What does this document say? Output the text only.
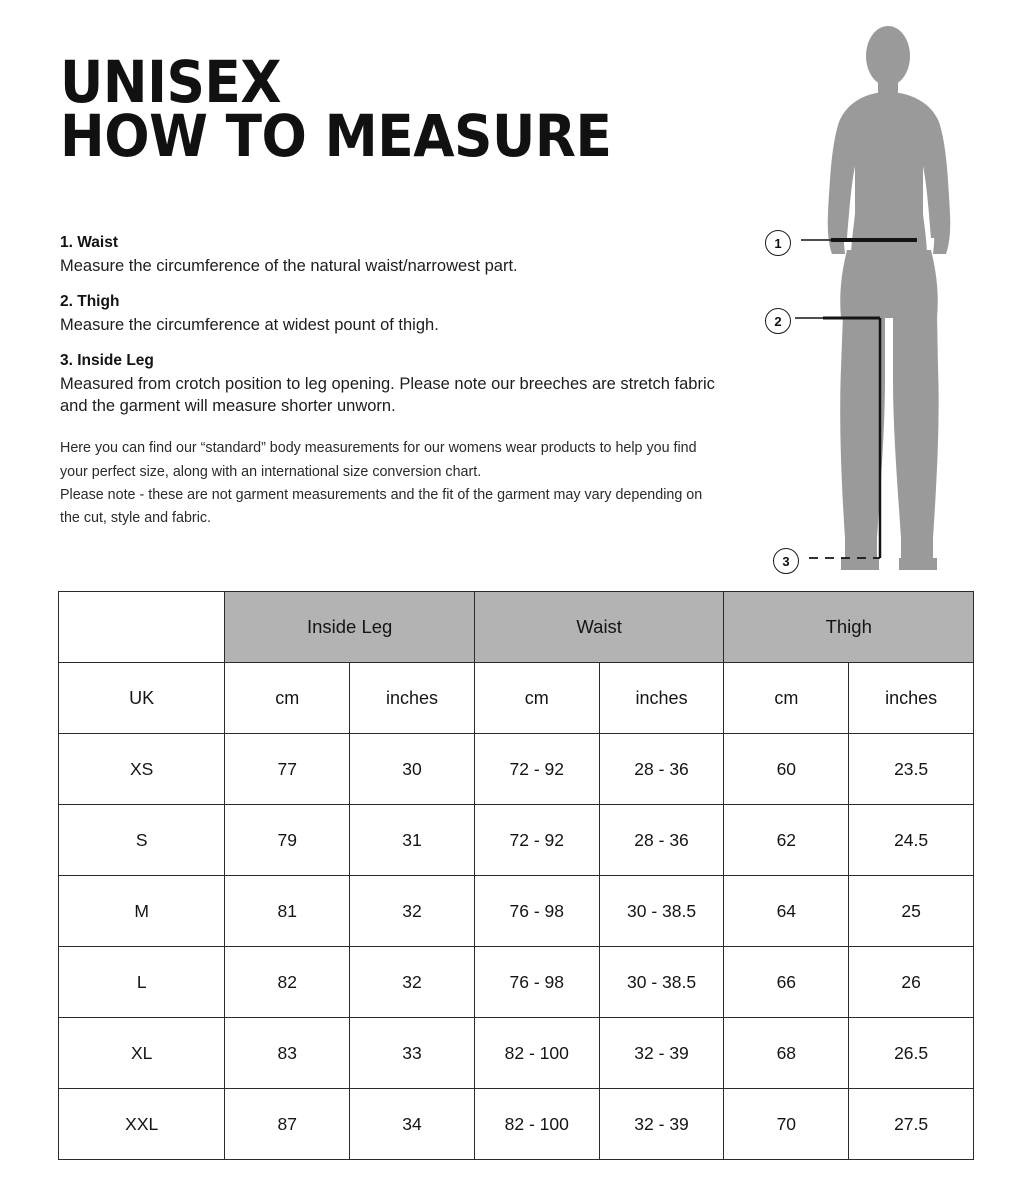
UNISEX
HOW TO MEASURE

1. Waist

Measure the circumference of the natural waist/narrowest part.

2. Thigh

Measure the circumference at widest pount of thigh.

3. Inside Leg

Measured from crotch position to leg opening. Please note our breeches are stretch fabric and the garment will measure shorter unworn.

Here you can find our “standard” body measurements for our womens wear products to help you find your perfect size, along with an international size conversion chart.

Please note - these are not garment measurements and the fit of the garment may vary depending on the cut, style and fabric.

1
2
3
	Inside Leg		Waist		Thigh	
UK	cm	inches	cm	inches	cm	inches
XS	77	30	72 - 92	28 - 36	60	23.5
S	79	31	72 - 92	28 - 36	62	24.5
M	81	32	76 - 98	30 - 38.5	64	25
L	82	32	76 - 98	30 - 38.5	66	26
XL	83	33	82 - 100	32 - 39	68	26.5
XXL	87	34	82 - 100	32 - 39	70	27.5
